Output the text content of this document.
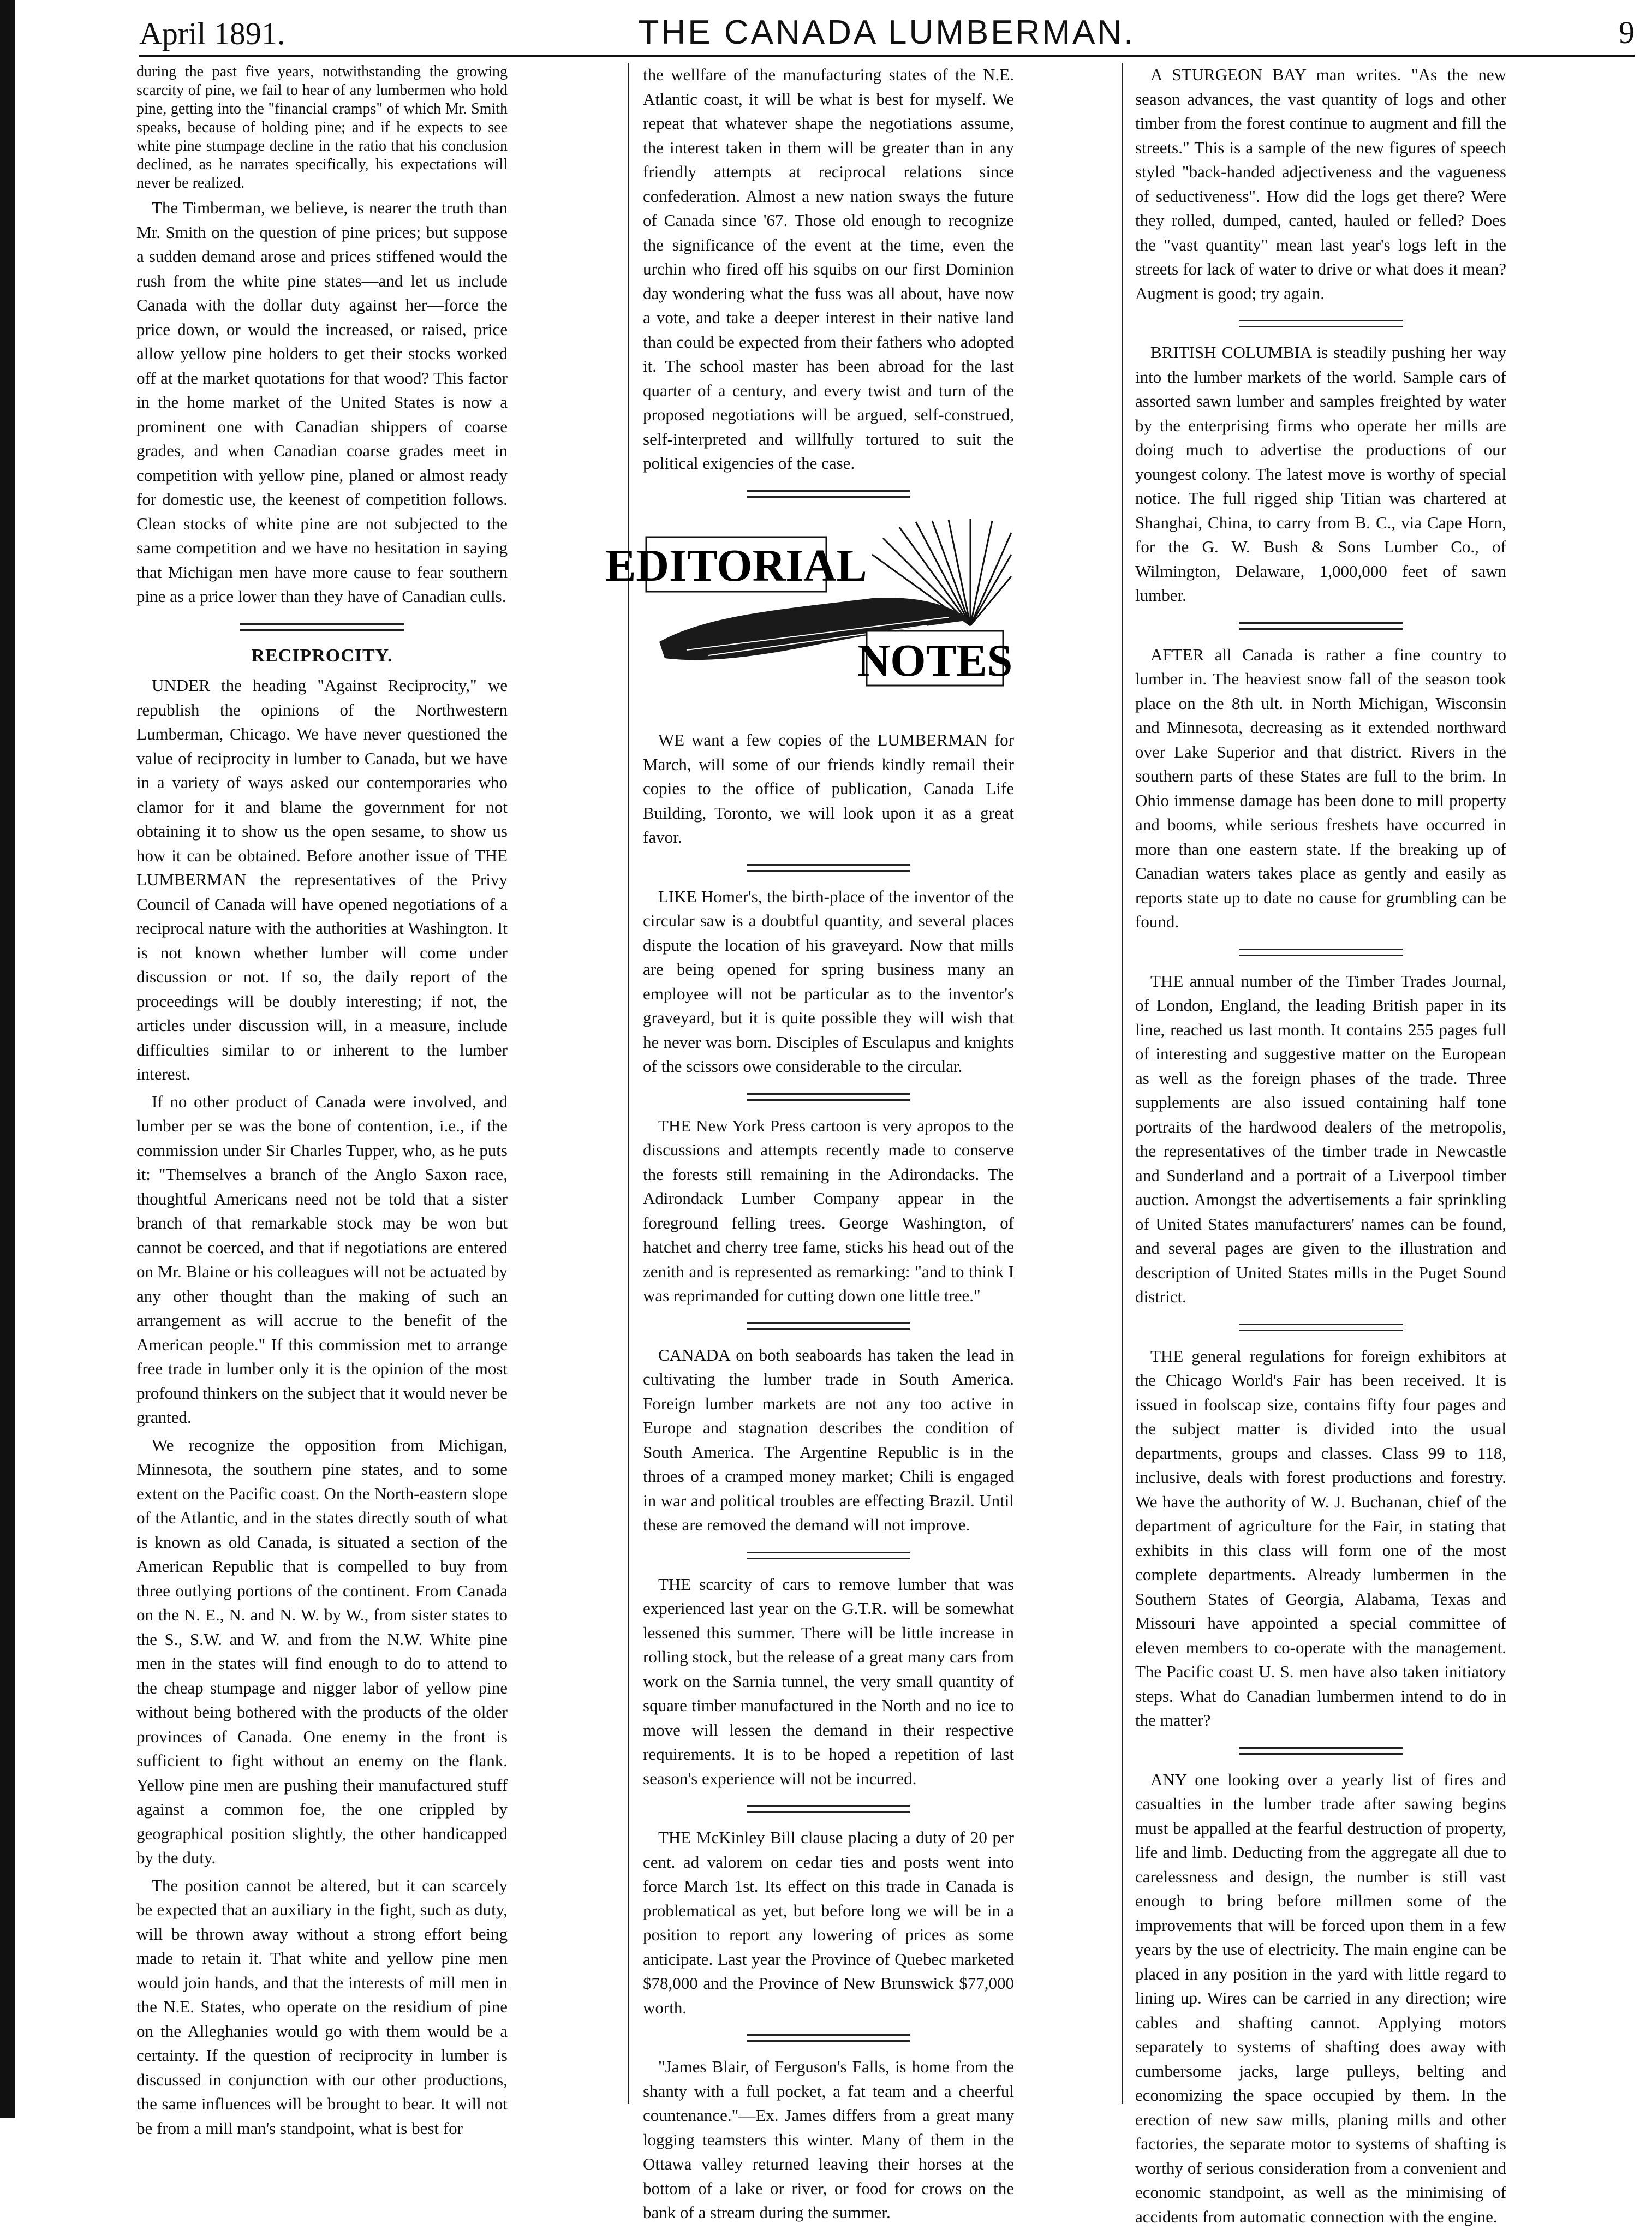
April 1891.	THE CANADA LUMBERMAN.	9

during the past five years, notwithstanding the growing scarcity of pine, we fail to hear of any lumbermen who hold pine, getting into the "financial cramps" of which Mr. Smith speaks, because of holding pine; and if he expects to see white pine stumpage decline in the ratio that his conclusion declined, as he narrates specifically, his expectations will never be realized.

The Timberman, we believe, is nearer the truth than Mr. Smith on the question of pine prices; but suppose a sudden demand arose and prices stiffened would the rush from the white pine states—and let us include Canada with the dollar duty against her—force the price down, or would the increased, or raised, price allow yellow pine holders to get their stocks worked off at the market quotations for that wood? This factor in the home market of the United States is now a prominent one with Canadian shippers of coarse grades, and when Canadian coarse grades meet in competition with yellow pine, planed or almost ready for domestic use, the keenest of competition follows. Clean stocks of white pine are not subjected to the same competition and we have no hesitation in saying that Michigan men have more cause to fear southern pine as a price lower than they have of Canadian culls.

RECIPROCITY.

UNDER the heading "Against Reciprocity," we republish the opinions of the Northwestern Lumberman, Chicago. We have never questioned the value of reciprocity in lumber to Canada, but we have in a variety of ways asked our contemporaries who clamor for it and blame the government for not obtaining it to show us the open sesame, to show us how it can be obtained. Before another issue of THE LUMBERMAN the representatives of the Privy Council of Canada will have opened negotiations of a reciprocal nature with the authorities at Washington. It is not known whether lumber will come under discussion or not. If so, the daily report of the proceedings will be doubly interesting; if not, the articles under discussion will, in a measure, include difficulties similar to or inherent to the lumber interest.

If no other product of Canada were involved, and lumber per se was the bone of contention, i.e., if the commission under Sir Charles Tupper, who, as he puts it: "Themselves a branch of the Anglo Saxon race, thoughtful Americans need not be told that a sister branch of that remarkable stock may be won but cannot be coerced, and that if negotiations are entered on Mr. Blaine or his colleagues will not be actuated by any other thought than the making of such an arrangement as will accrue to the benefit of the American people." If this commission met to arrange free trade in lumber only it is the opinion of the most profound thinkers on the subject that it would never be granted.

We recognize the opposition from Michigan, Minnesota, the southern pine states, and to some extent on the Pacific coast. On the North-eastern slope of the Atlantic, and in the states directly south of what is known as old Canada, is situated a section of the American Republic that is compelled to buy from three outlying portions of the continent. From Canada on the N. E., N. and N. W. by W., from sister states to the S., S.W. and W. and from the N.W. White pine men in the states will find enough to do to attend to the cheap stumpage and nigger labor of yellow pine without being bothered with the products of the older provinces of Canada. One enemy in the front is sufficient to fight without an enemy on the flank. Yellow pine men are pushing their manufactured stuff against a common foe, the one crippled by geographical position slightly, the other handicapped by the duty.

The position cannot be altered, but it can scarcely be expected that an auxiliary in the fight, such as duty, will be thrown away without a strong effort being made to retain it. That white and yellow pine men would join hands, and that the interests of mill men in the N.E. States, who operate on the residium of pine on the Alleghanies would go with them would be a certainty. If the question of reciprocity in lumber is discussed in conjunction with our other productions, the same influences will be brought to bear. It will not be from a mill man's standpoint, what is best for

the wellfare of the manufacturing states of the N.E. Atlantic coast, it will be what is best for myself. We repeat that whatever shape the negotiations assume, the interest taken in them will be greater than in any friendly attempts at reciprocal relations since confederation. Almost a new nation sways the future of Canada since '67. Those old enough to recognize the significance of the event at the time, even the urchin who fired off his squibs on our first Dominion day wondering what the fuss was all about, have now a vote, and take a deeper interest in their native land than could be expected from their fathers who adopted it. The school master has been abroad for the last quarter of a century, and every twist and turn of the proposed negotiations will be argued, self-construed, self-interpreted and willfully tortured to suit the political exigencies of the case.

EDITORIAL
NOTES

WE want a few copies of the LUMBERMAN for March, will some of our friends kindly remail their copies to the office of publication, Canada Life Building, Toronto, we will look upon it as a great favor.

LIKE Homer's, the birth-place of the inventor of the circular saw is a doubtful quantity, and several places dispute the location of his graveyard. Now that mills are being opened for spring business many an employee will not be particular as to the inventor's graveyard, but it is quite possible they will wish that he never was born. Disciples of Esculapus and knights of the scissors owe considerable to the circular.

THE New York Press cartoon is very apropos to the discussions and attempts recently made to conserve the forests still remaining in the Adirondacks. The Adirondack Lumber Company appear in the foreground felling trees. George Washington, of hatchet and cherry tree fame, sticks his head out of the zenith and is represented as remarking: "and to think I was reprimanded for cutting down one little tree."

CANADA on both seaboards has taken the lead in cultivating the lumber trade in South America. Foreign lumber markets are not any too active in Europe and stagnation describes the condition of South America. The Argentine Republic is in the throes of a cramped money market; Chili is engaged in war and political troubles are effecting Brazil. Until these are removed the demand will not improve.

THE scarcity of cars to remove lumber that was experienced last year on the G.T.R. will be somewhat lessened this summer. There will be little increase in rolling stock, but the release of a great many cars from work on the Sarnia tunnel, the very small quantity of square timber manufactured in the North and no ice to move will lessen the demand in their respective requirements. It is to be hoped a repetition of last season's experience will not be incurred.

THE McKinley Bill clause placing a duty of 20 per cent. ad valorem on cedar ties and posts went into force March 1st. Its effect on this trade in Canada is problematical as yet, but before long we will be in a position to report any lowering of prices as some anticipate. Last year the Province of Quebec marketed $78,000 and the Province of New Brunswick $77,000 worth.

"James Blair, of Ferguson's Falls, is home from the shanty with a full pocket, a fat team and a cheerful countenance."—Ex. James differs from a great many logging teamsters this winter. Many of them in the Ottawa valley returned leaving their horses at the bottom of a lake or river, or food for crows on the bank of a stream during the summer.

A STURGEON BAY man writes. "As the new season advances, the vast quantity of logs and other timber from the forest continue to augment and fill the streets." This is a sample of the new figures of speech styled "back-handed adjectiveness and the vagueness of seductiveness". How did the logs get there? Were they rolled, dumped, canted, hauled or felled? Does the "vast quantity" mean last year's logs left in the streets for lack of water to drive or what does it mean? Augment is good; try again.

BRITISH COLUMBIA is steadily pushing her way into the lumber markets of the world. Sample cars of assorted sawn lumber and samples freighted by water by the enterprising firms who operate her mills are doing much to advertise the productions of our youngest colony. The latest move is worthy of special notice. The full rigged ship Titian was chartered at Shanghai, China, to carry from B. C., via Cape Horn, for the G. W. Bush & Sons Lumber Co., of Wilmington, Delaware, 1,000,000 feet of sawn lumber.

AFTER all Canada is rather a fine country to lumber in. The heaviest snow fall of the season took place on the 8th ult. in North Michigan, Wisconsin and Minnesota, decreasing as it extended northward over Lake Superior and that district. Rivers in the southern parts of these States are full to the brim. In Ohio immense damage has been done to mill property and booms, while serious freshets have occurred in more than one eastern state. If the breaking up of Canadian waters takes place as gently and easily as reports state up to date no cause for grumbling can be found.

THE annual number of the Timber Trades Journal, of London, England, the leading British paper in its line, reached us last month. It contains 255 pages full of interesting and suggestive matter on the European as well as the foreign phases of the trade. Three supplements are also issued containing half tone portraits of the hardwood dealers of the metropolis, the representatives of the timber trade in Newcastle and Sunderland and a portrait of a Liverpool timber auction. Amongst the advertisements a fair sprinkling of United States manufacturers' names can be found, and several pages are given to the illustration and description of United States mills in the Puget Sound district.

THE general regulations for foreign exhibitors at the Chicago World's Fair has been received. It is issued in foolscap size, contains fifty four pages and the subject matter is divided into the usual departments, groups and classes. Class 99 to 118, inclusive, deals with forest productions and forestry. We have the authority of W. J. Buchanan, chief of the department of agriculture for the Fair, in stating that exhibits in this class will form one of the most complete departments. Already lumbermen in the Southern States of Georgia, Alabama, Texas and Missouri have appointed a special committee of eleven members to co-operate with the management. The Pacific coast U. S. men have also taken initiatory steps. What do Canadian lumbermen intend to do in the matter?

ANY one looking over a yearly list of fires and casualties in the lumber trade after sawing begins must be appalled at the fearful destruction of property, life and limb. Deducting from the aggregate all due to carelessness and design, the number is still vast enough to bring before millmen some of the improvements that will be forced upon them in a few years by the use of electricity. The main engine can be placed in any position in the yard with little regard to lining up. Wires can be carried in any direction; wire cables and shafting cannot. Applying motors separately to systems of shafting does away with cumbersome jacks, large pulleys, belting and economizing the space occupied by them. In the erection of new saw mills, planing mills and other factories, the separate motor to systems of shafting is worthy of serious consideration from a convenient and economic standpoint, as well as the minimising of accidents from automatic connection with the engine.
